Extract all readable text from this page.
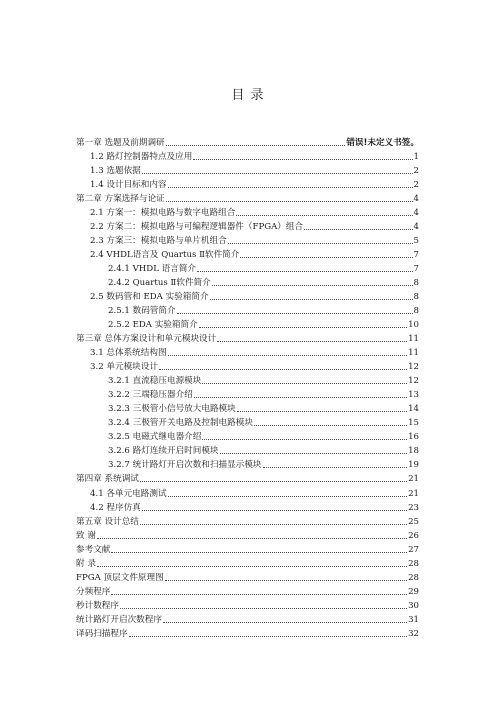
目 录
第一章 选题及前期调研	错误!未定义书签。
1.2 路灯控制器特点及应用	1
1.3 选题依据	2
1.4 设计目标和内容	2
第二章 方案选择与论证	4
2.1 方案一：模拟电路与数字电路组合	4
2.2 方案二：模拟电路与可编程逻辑器件（FPGA）组合	4
2.3 方案三：模拟电路与单片机组合	5
2.4 VHDL语言及 Quartus Ⅱ软件简介	7
2.4.1 VHDL 语言简介	7
2.4.2 Quartus Ⅱ软件简介	8
2.5 数码管和 EDA 实验箱简介	8
2.5.1 数码管简介	8
2.5.2 EDA 实验箱简介	10
第三章 总体方案设计和单元模块设计	11
3.1 总体系统结构图	11
3.2 单元模块设计	12
3.2.1 直流稳压电源模块	12
3.2.2 三端稳压器介绍	13
3.2.3 三极管小信号放大电路模块	14
3.2.4 三极管开关电路及控制电路模块	15
3.2.5 电磁式继电器介绍	16
3.2.6 路灯连续开启时间模块	18
3.2.7 统计路灯开启次数和扫描显示模块	19
第四章 系统调试	21
4.1 各单元电路测试	21
4.2 程序仿真	23
第五章 设计总结	25
致 谢	26
参考文献	27
附 录	28
FPGA 顶层文件原理图	28
分频程序	29
秒计数程序	30
统计路灯开启次数程序	31
译码扫描程序	32
